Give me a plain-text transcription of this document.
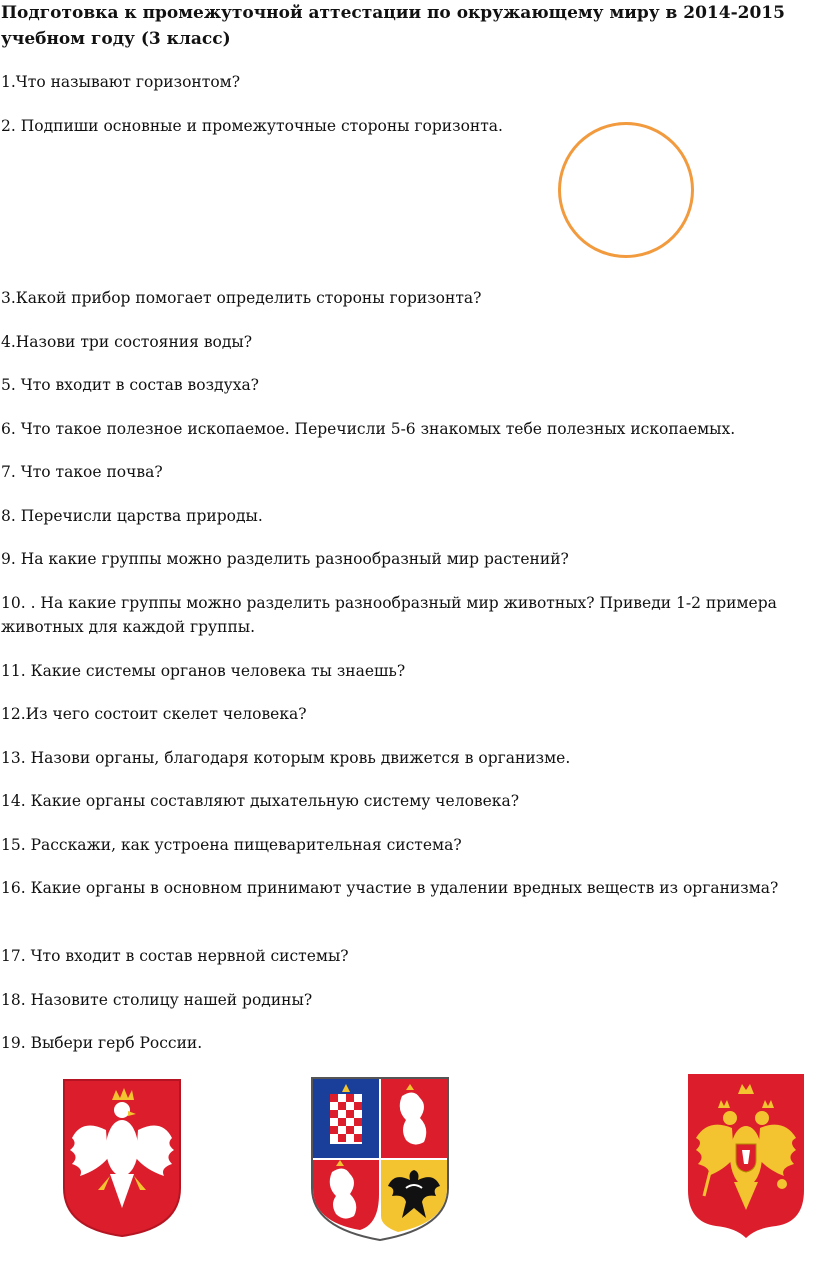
Подготовка к промежуточной аттестации по окружающему миру в 2014-2015 учебном году (3 класс)

1.Что называют горизонтом?

2. Подпиши основные и промежуточные стороны горизонта.

3.Какой прибор помогает определить стороны горизонта?

4.Назови три состояния воды?

5. Что входит в состав воздуха?

6. Что такое полезное ископаемое. Перечисли 5-6 знакомых тебе полезных ископаемых.

7. Что такое почва?

8. Перечисли царства природы.

9. На какие группы можно разделить разнообразный мир растений?

10. . На какие группы можно разделить разнообразный мир животных? Приведи 1-2 примера животных для каждой группы.

11. Какие системы органов человека ты знаешь?

12.Из чего состоит скелет человека?

13. Назови органы, благодаря которым кровь движется в организме.

14. Какие органы составляют дыхательную систему человека?

15. Расскажи, как устроена пищеварительная система?

16. Какие органы в основном принимают участие в удалении вредных веществ из организма?

17. Что входит в состав нервной системы?

18. Назовите столицу нашей родины?

19. Выбери герб России.
